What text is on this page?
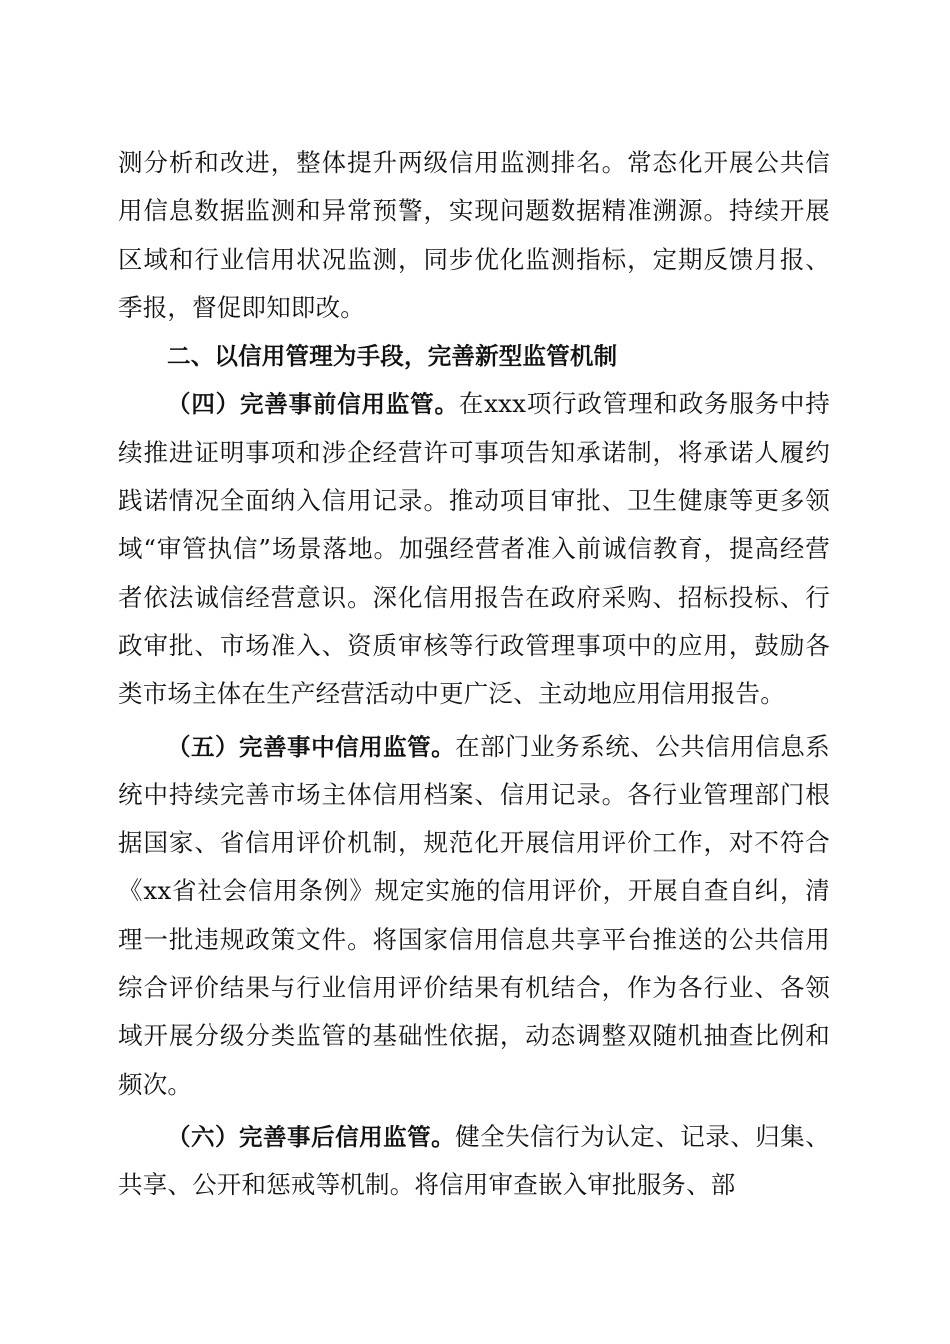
测分析和改进，整体提升两级信用监测排名。常态化开展公共信用信息数据监测和异常预警，实现问题数据精准溯源。持续开展区域和行业信用状况监测，同步优化监测指标，定期反馈月报、季报，督促即知即改。

二、以信用管理为手段，完善新型监管机制

（四）完善事前信用监管。在xxx项行政管理和政务服务中持续推进证明事项和涉企经营许可事项告知承诺制，将承诺人履约践诺情况全面纳入信用记录。推动项目审批、卫生健康等更多领域“审管执信”场景落地。加强经营者准入前诚信教育，提高经营者依法诚信经营意识。深化信用报告在政府采购、招标投标、行政审批、市场准入、资质审核等行政管理事项中的应用，鼓励各类市场主体在生产经营活动中更广泛、主动地应用信用报告。

（五）完善事中信用监管。在部门业务系统、公共信用信息系统中持续完善市场主体信用档案、信用记录。各行业管理部门根据国家、省信用评价机制，规范化开展信用评价工作，对不符合《xx省社会信用条例》规定实施的信用评价，开展自查自纠，清理一批违规政策文件。将国家信用信息共享平台推送的公共信用综合评价结果与行业信用评价结果有机结合，作为各行业、各领域开展分级分类监管的基础性依据，动态调整双随机抽查比例和频次。

（六）完善事后信用监管。健全失信行为认定、记录、归集、共享、公开和惩戒等机制。将信用审查嵌入审批服务、部
